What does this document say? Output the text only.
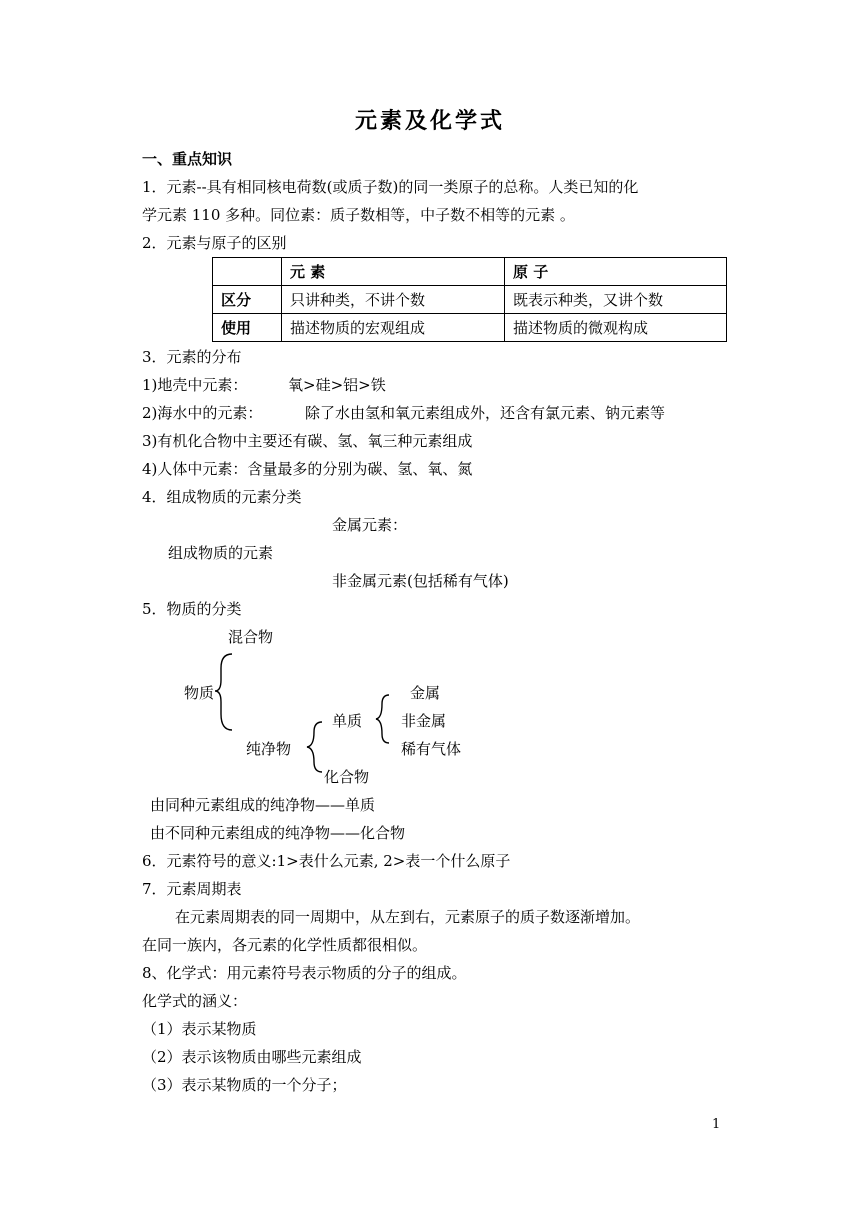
元素及化学式
一、重点知识
1．元素--具有相同核电荷数(或质子数)的同一类原子的总称。人类已知的化
学元素 110 多种。同位素：质子数相等，中子数不相等的元素 。
2．元素与原子的区别
	元 素	原 子
区分	只讲种类，不讲个数	既表示种类，又讲个数
使用	描述物质的宏观组成	描述物质的微观构成
3．元素的分布
1)地壳中元素：	氧>硅>铝>铁
2)海水中的元素：	除了水由氢和氧元素组成外，还含有氯元素、钠元素等
3)有机化合物中主要还有碳、氢、氧三种元素组成
4)人体中元素：含量最多的分别为碳、氢、氧、氮
4．组成物质的元素分类
金属元素：
组成物质的元素
非金属元素(包括稀有气体)
5．物质的分类
混合物
物质	金属
单质	非金属
纯净物	稀有气体
化合物
由同种元素组成的纯净物——单质
由不同种元素组成的纯净物——化合物
6．元素符号的意义:1>表什么元素, 2>表一个什么原子
7．元素周期表
在元素周期表的同一周期中，从左到右，元素原子的质子数逐渐增加。
在同一族内，各元素的化学性质都很相似。
8、化学式：用元素符号表示物质的分子的组成。
化学式的涵义：
（1）表示某物质
（2）表示该物质由哪些元素组成
（3）表示某物质的一个分子；
1
